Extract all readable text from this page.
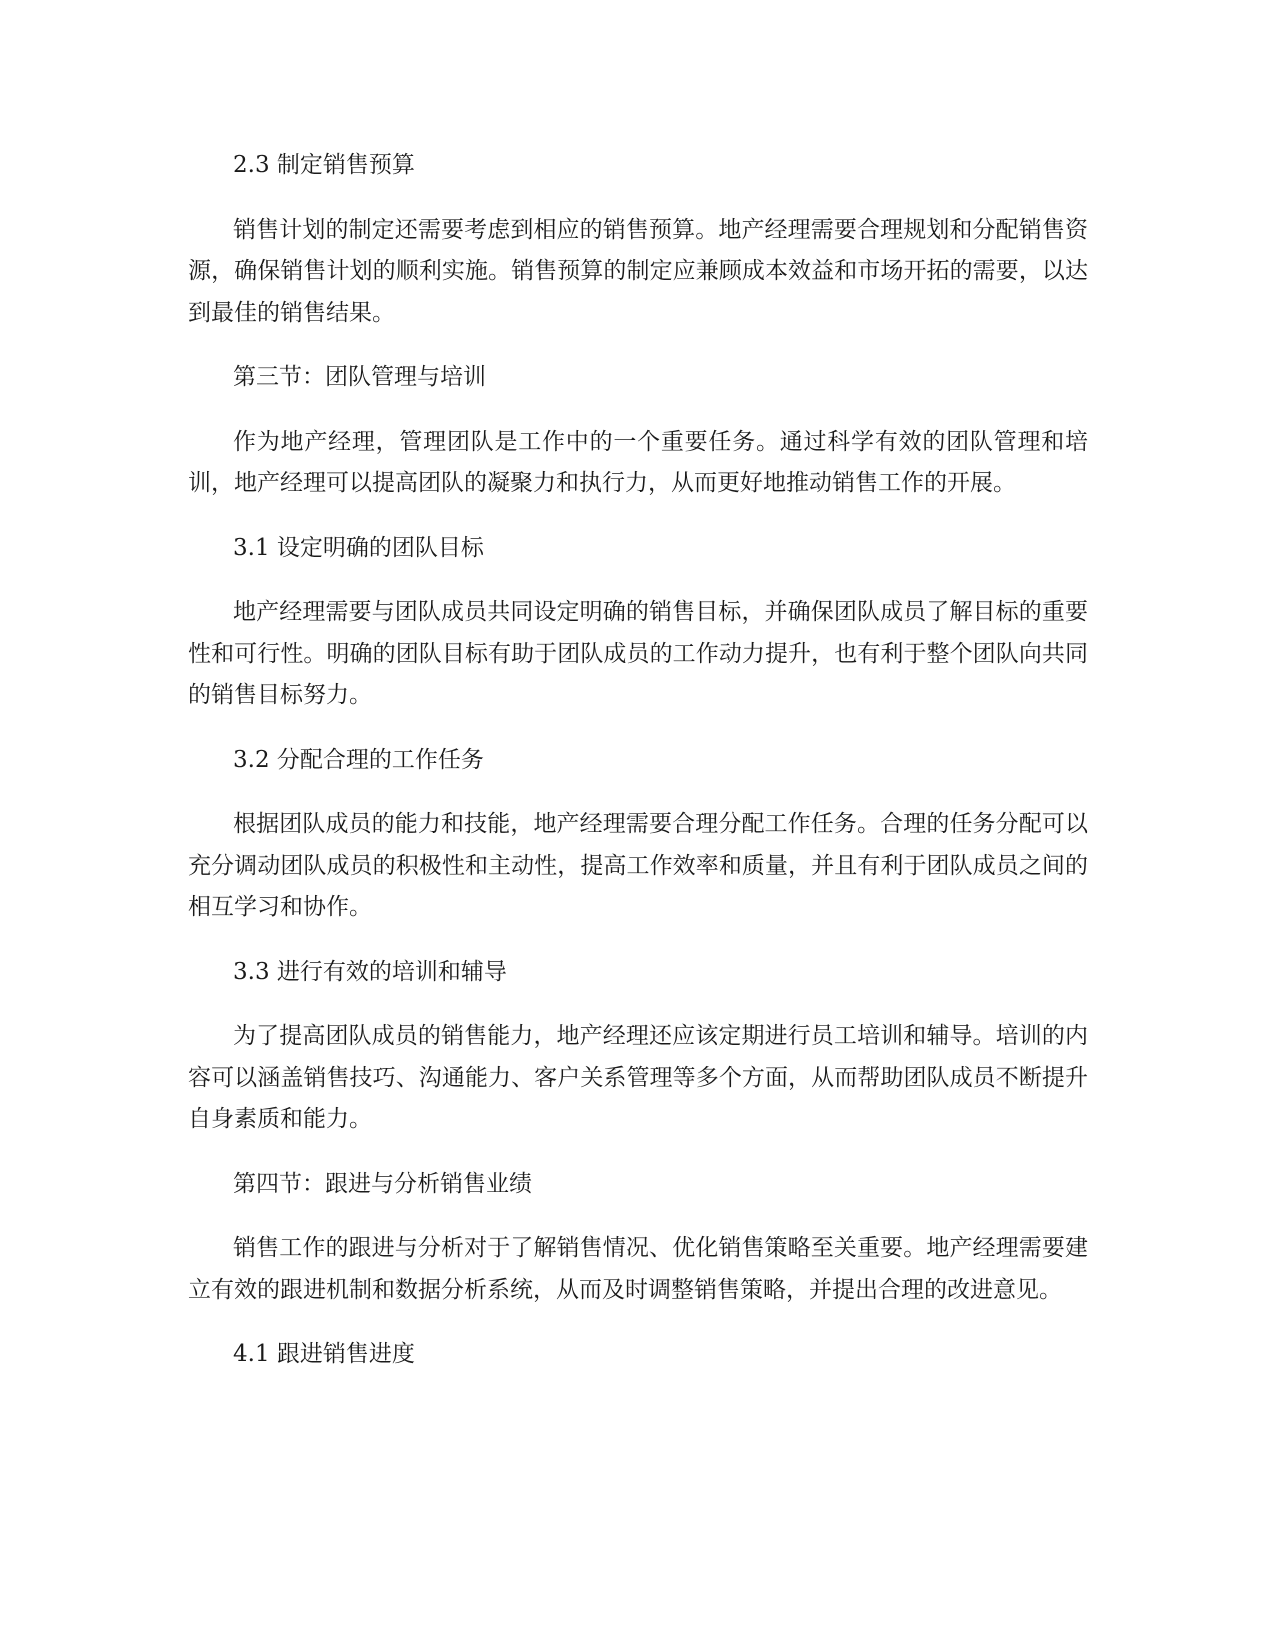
2.3 制定销售预算

销售计划的制定还需要考虑到相应的销售预算。地产经理需要合理规划和分配销售资源，确保销售计划的顺利实施。销售预算的制定应兼顾成本效益和市场开拓的需要，以达到最佳的销售结果。

第三节：团队管理与培训

作为地产经理，管理团队是工作中的一个重要任务。通过科学有效的团队管理和培训，地产经理可以提高团队的凝聚力和执行力，从而更好地推动销售工作的开展。

3.1 设定明确的团队目标

地产经理需要与团队成员共同设定明确的销售目标，并确保团队成员了解目标的重要性和可行性。明确的团队目标有助于团队成员的工作动力提升，也有利于整个团队向共同的销售目标努力。

3.2 分配合理的工作任务

根据团队成员的能力和技能，地产经理需要合理分配工作任务。合理的任务分配可以充分调动团队成员的积极性和主动性，提高工作效率和质量，并且有利于团队成员之间的相互学习和协作。

3.3 进行有效的培训和辅导

为了提高团队成员的销售能力，地产经理还应该定期进行员工培训和辅导。培训的内容可以涵盖销售技巧、沟通能力、客户关系管理等多个方面，从而帮助团队成员不断提升自身素质和能力。

第四节：跟进与分析销售业绩

销售工作的跟进与分析对于了解销售情况、优化销售策略至关重要。地产经理需要建立有效的跟进机制和数据分析系统，从而及时调整销售策略，并提出合理的改进意见。

4.1 跟进销售进度
